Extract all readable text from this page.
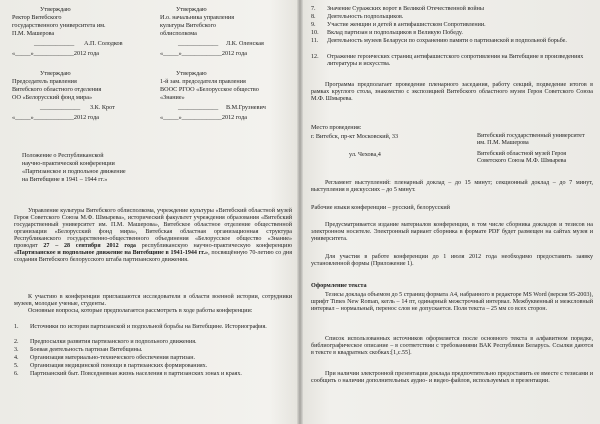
Утверждаю
Ректор Витебского
государственного университета им.
П.М. Машерова
_____________ А.П. Солодков
«_____»_____________2012 года
Утверждаю
И.о. начальника управления
культуры Витебского
облисполкома
_____________ Л.К. Оленская
«_____»_____________2012 года
Утверждаю
Председатель правления
Витебского областного отделения
ОО «Белорусский фонд мира»
_____________ З.К. Крот
«_____»_____________2012 года
Утверждаю
1-й зам. председателя правления
ВООС РГОО «Белорусское общество
«Знание»
_____________ В.М.Грузневич
«_____»_____________2012 года
Положение о Республиканской
научно-практической конференции
«Партизанское и подпольное движение
на Витебщине в 1941 – 1944 гг.»
Управление культуры Витебского облисполкома, учреждение культуры «Витебский областной музей Героя Советского Союза М.Ф. Шмырева», исторический факультет учреждения образования «Витебский государственный университет им. П.М. Машерова», Витебское областное отделение общественной организации «Белорусский фонд мира», Витебская областная организационная структура Республиканского государственно-общественного объединения «Белорусское общество «Знание» проводят 27 – 28 сентября 2012 года республиканскую научно-практическую конференцию «Партизанское и подпольное движение на Витебщине в 1941-1944 гг.», посвящённую 70-летию со дня создания Витебского белорусского штаба партизанского движения.
К участию в конференции приглашаются исследователи в области военной истории, сотрудники музеев, молодые ученые, студенты.
Основные вопросы, которые предполагается рассмотреть в ходе работы конференции:
1. Источники по истории партизанской и подпольной борьбы на Витебщине. Историография.
2. Предпосылки развития партизанского и подпольного движения.
3. Боевая деятельность партизан Витебщины.
4. Организация материально-технического обеспечения партизан.
5. Организация медицинской помощи в партизанских формированиях.
6. Партизанский быт. Повседневная жизнь населения в партизанских зонах и краях.
7. Значение Суражских ворот в Великой Отечественной войны
8. Деятельность подпольщиков.
9. Участие женщин и детей в антифашистском Сопротивлении.
10. Вклад партизан и подпольщиков в Великую Победу.
11. Деятельность музеев Беларуси по сохранению памяти о партизанской и подпольной борьбе.
12. Отражение героических страниц антифашистского сопротивления на Витебщине в произведениях литературы и искусства.
Программа предполагает проведение пленарного заседания, работу секций, подведение итогов в рамках круглого стола, знакомство с экспозицией Витебского областного музея Героя Советского Союза М.Ф. Шмырева.
Место проведения:
г. Витебск, пр-кт Московский, 33	Витебский государственный университет им. П.М. Машерова
ул. Чехова,4	Витебский областной музей Героя Советского Союза М.Ф. Шмырева
Регламент выступлений: пленарный доклад – до 15 минут; секционный доклад – до 7 минут, выступления в дискуссиях – до 5 минут.
Рабочие языки конференции – русский, белорусский
Предусматривается издание материалов конференции, в том числе сборника докладов и тезисов на электронном носителе. Электронный вариант сборника в формате PDF будет размещен на сайтах музея и университета.
Для участия в работе конференции до 1 июля 2012 года необходимо предоставить заявку установленной формы (Приложение 1).
Оформление текста
Тезисы доклада объемом до 5 страниц формата А4, набранного в редакторе MS Word (версия 95-2003), шрифт Times New Roman, кегль – 14 пт, одинарный межстрочный интервал. Межбуквенный и межсловный интервал – нормальный, перенос слов не допускается. Поля текста – 25 мм со всех сторон.
Список использованных источников оформляется после основного текста в алфавитном порядке, библиографическое описание – в соответствии с требованиями ВАК Республики Беларусь. Ссылки даются в тексте в квадратных скобках:[1,с.55].
При наличии электронной презентации доклада предпочтительно предоставить ее вместе с тезисами и сообщить о наличии дополнительных аудио- и видео-файлов, используемых в презентации.
